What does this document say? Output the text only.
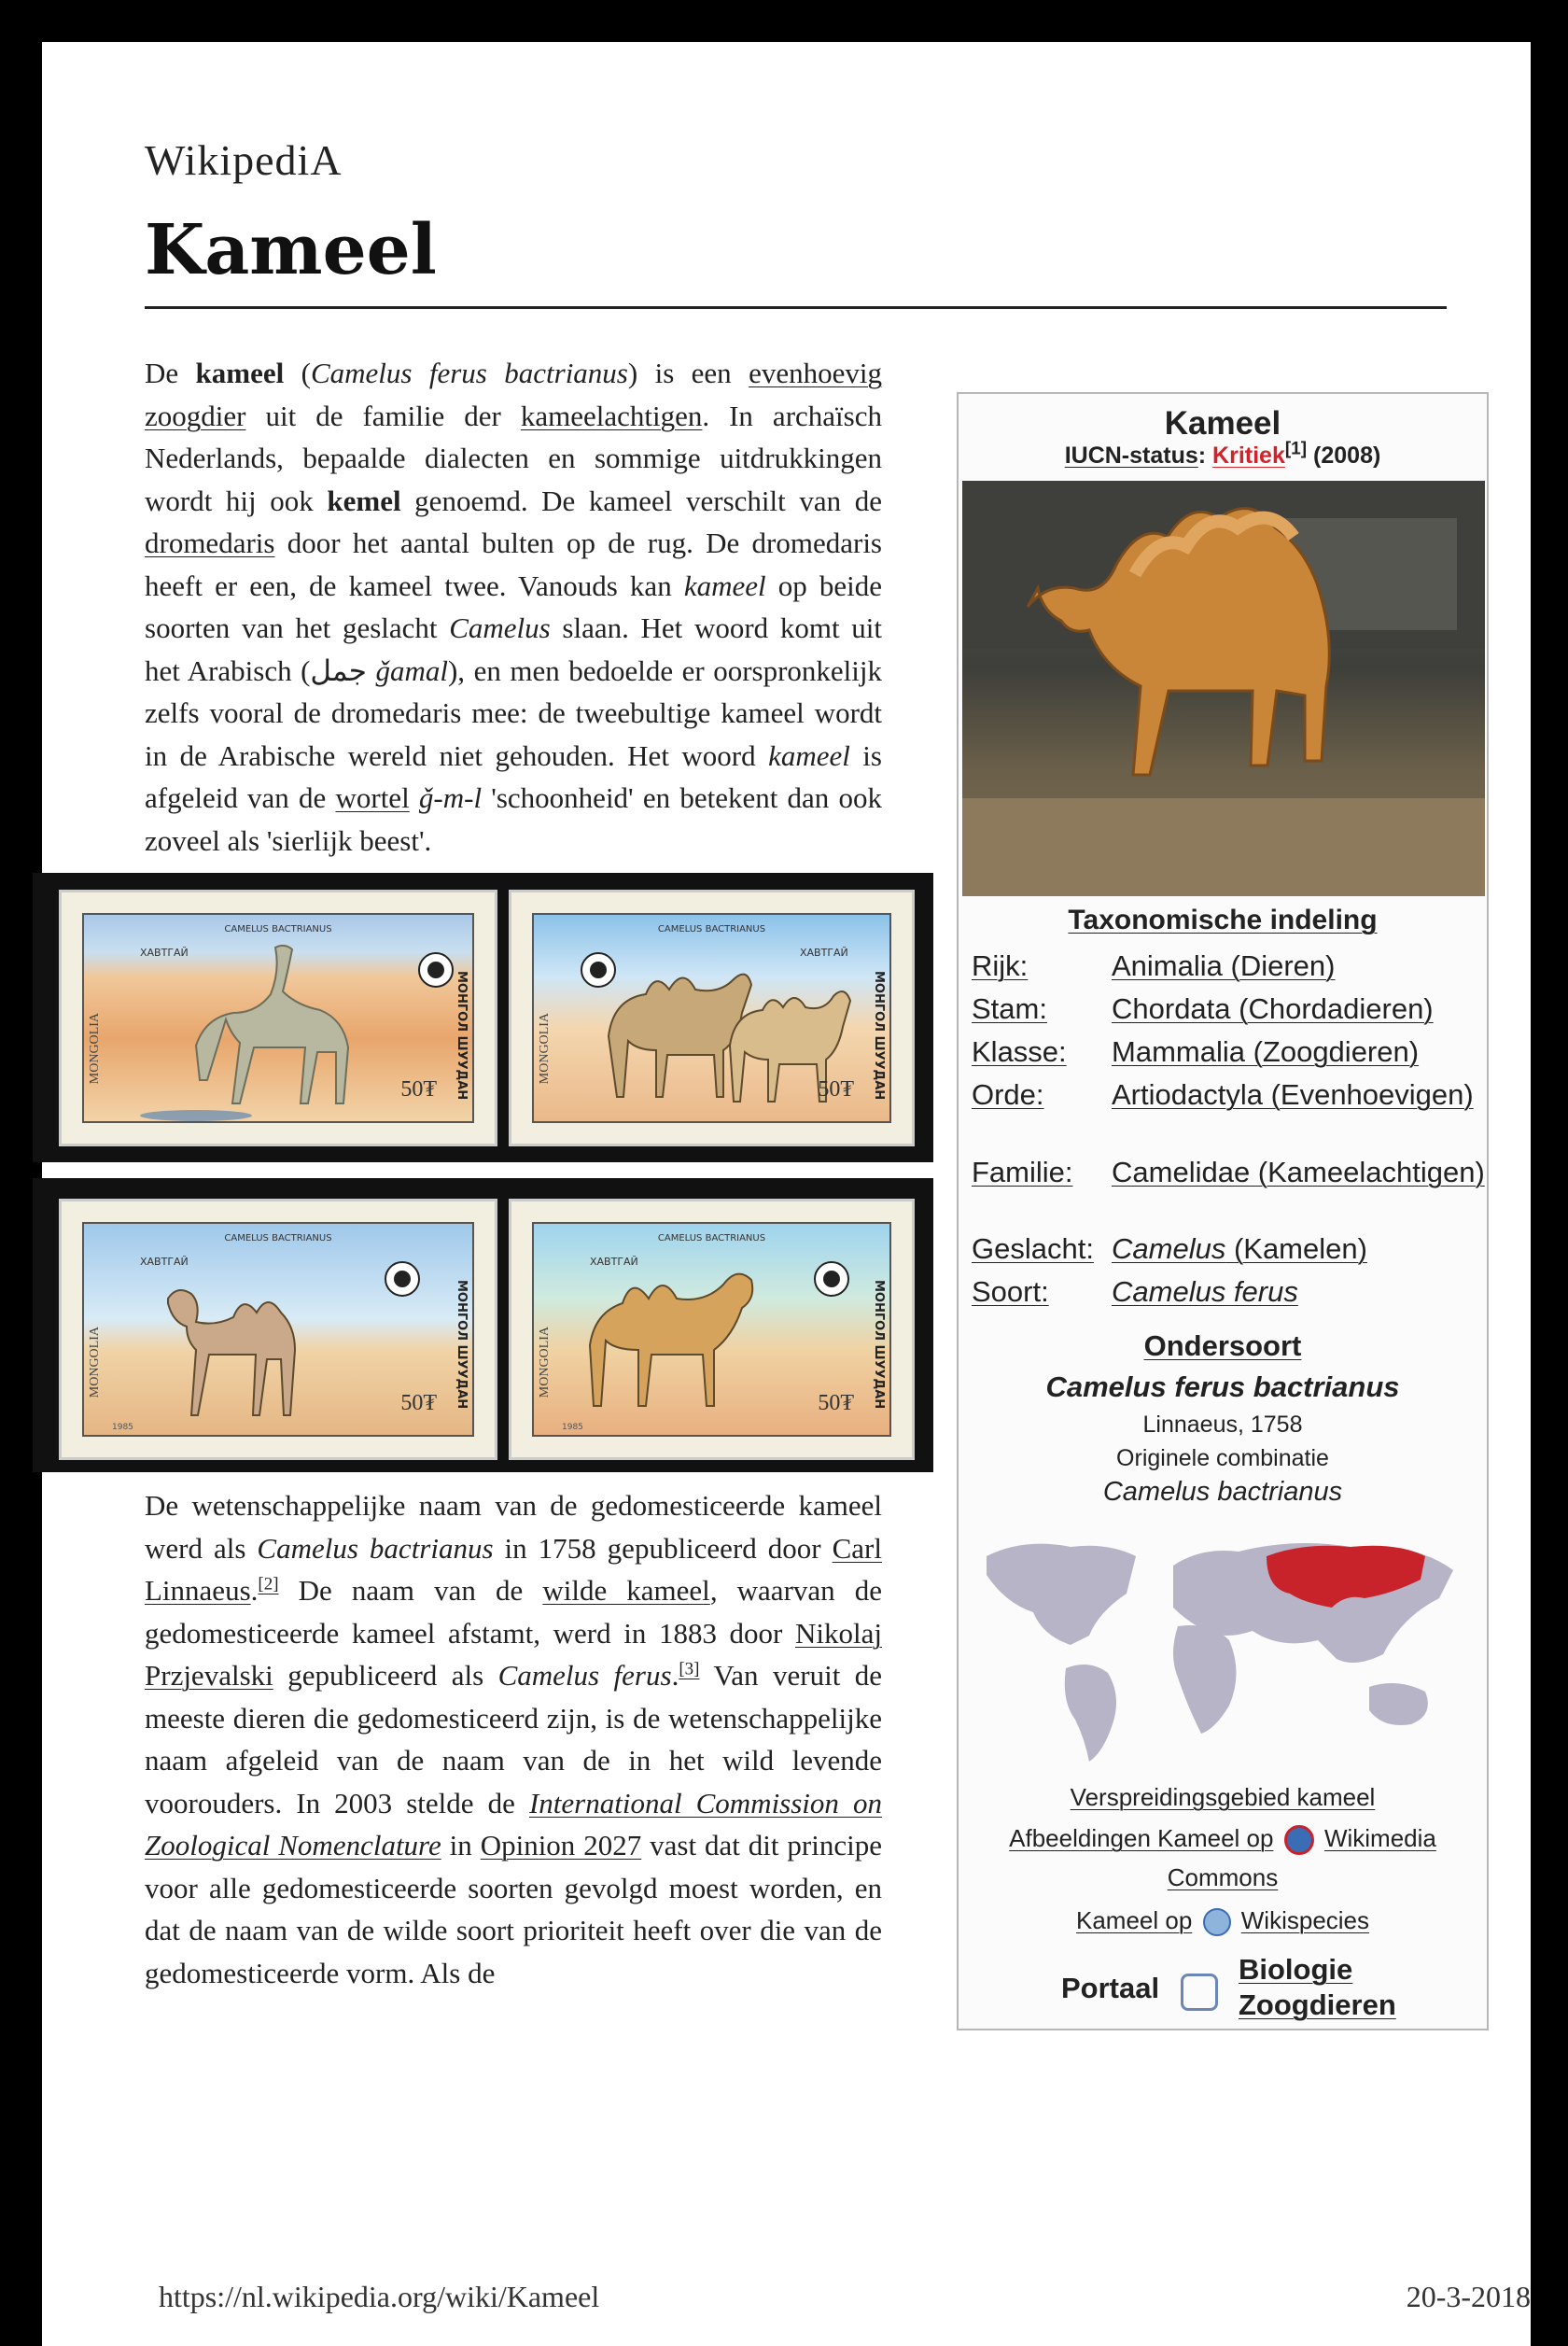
WikipediA
Kameel
De kameel (Camelus ferus bactrianus) is een evenhoevig zoogdier uit de familie der kameelachtigen. In archaïsch Nederlands, bepaalde dialecten en sommige uitdrukkingen wordt hij ook kemel genoemd. De kameel verschilt van de dromedaris door het aantal bulten op de rug. De dromedaris heeft er een, de kameel twee. Vanouds kan kameel op beide soorten van het geslacht Camelus slaan. Het woord komt uit het Arabisch (جمل ǧamal), en men bedoelde er oorspronkelijk zelfs vooral de dromedaris mee: de tweebultige kameel wordt in de Arabische wereld niet gehouden. Het woord kameel is afgeleid van de wortel ǧ-m-l 'schoonheid' en betekent dan ook zoveel als 'sierlijk beest'.
CAMELUS BACTRIANUS
ХАВТГАЙ
MONGOLIA	МОНГОЛ ШУУДАН
50₮
CAMELUS BACTRIANUS
ХАВТГАЙ
MONGOLIA	МОНГОЛ ШУУДАН
50₮
CAMELUS BACTRIANUS
ХАВТГАЙ
MONGOLIA	МОНГОЛ ШУУДАН
50₮
1985
CAMELUS BACTRIANUS
ХАВТГАЙ
MONGOLIA	МОНГОЛ ШУУДАН
50₮
1985
De wetenschappelijke naam van de gedomesticeerde kameel werd als Camelus bactrianus in 1758 gepubliceerd door Carl Linnaeus.[2] De naam van de wilde kameel, waarvan de gedomesticeerde kameel afstamt, werd in 1883 door Nikolaj Przjevalski gepubliceerd als Camelus ferus.[3] Van veruit de meeste dieren die gedomesticeerd zijn, is de wetenschappelijke naam afgeleid van de naam van de in het wild levende voorouders. In 2003 stelde de International Commission on Zoological Nomenclature in Opinion 2027 vast dat dit principe voor alle gedomesticeerde soorten gevolgd moest worden, en dat de naam van de wilde soort prioriteit heeft over die van de gedomesticeerde vorm. Als de
Kameel
IUCN-status: Kritiek[1] (2008)
Taxonomische indeling
Rijk:	Animalia (Dieren)
Stam: Chordata (Chordadieren)
Klasse: Mammalia (Zoogdieren)
Orde: Artiodactyla (Evenhoevigen)
Familie: Camelidae (Kameelachtigen)
Geslacht: Camelus (Kamelen)
Soort: Camelus ferus
Ondersoort
Camelus ferus bactrianus
Linnaeus, 1758
Originele combinatie
Camelus bactrianus
Verspreidingsgebied kameel
Afbeeldingen Kameel op Wikimedia
Commons
Kameel op Wikispecies
Portaal
Biologie
Zoogdieren
https://nl.wikipedia.org/wiki/Kameel	20-3-2018
